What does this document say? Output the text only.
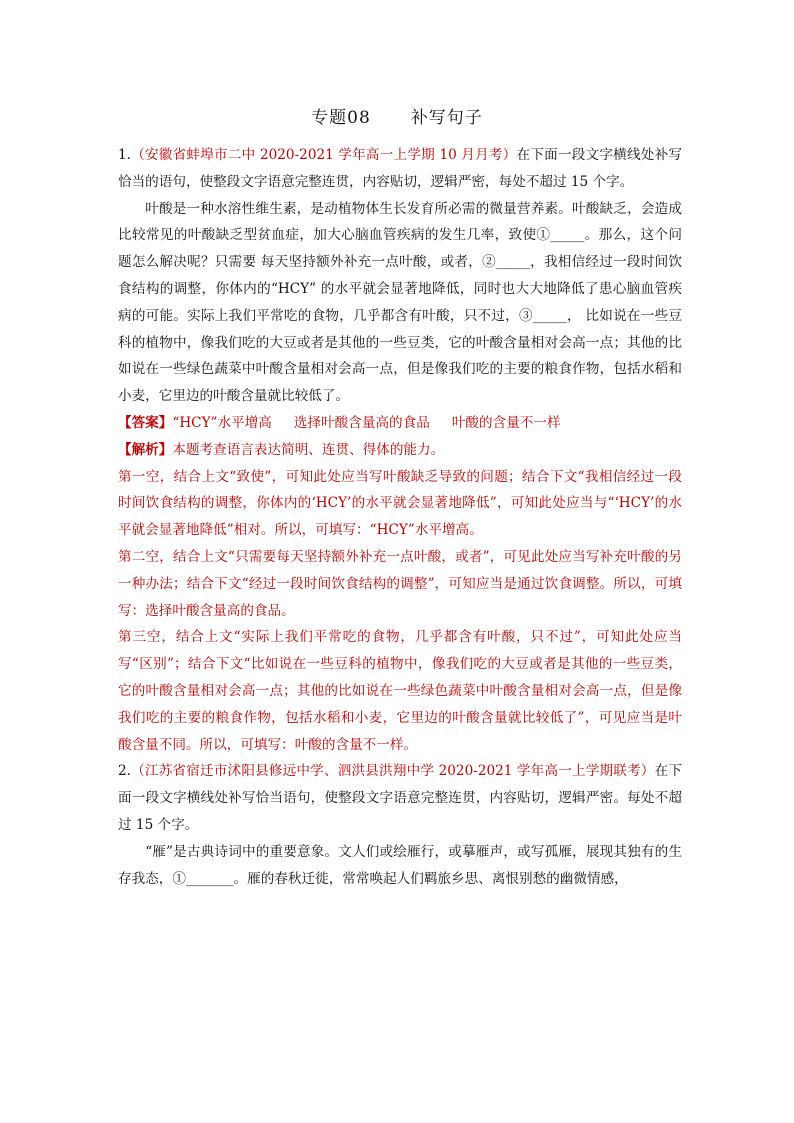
专题08 补写句子

1.（安徽省蚌埠市二中 2020-2021 学年高一上学期 10 月月考）在下面一段文字横线处补写恰当的语句，使整段文字语意完整连贯，内容贴切，逻辑严密，每处不超过 15 个字。

叶酸是一种水溶性维生素，是动植物体生长发育所必需的微量营养素。叶酸缺乏，会造成比较常见的叶酸缺乏型贫血症，加大心脑血管疾病的发生几率，致使①_____。那么，这个问题怎么解决呢？只需要 每天坚持额外补充一点叶酸，或者，②_____，我相信经过一段时间饮食结构的调整，你体内的“HCY” 的水平就会显著地降低，同时也大大地降低了患心脑血管疾病的可能。实际上我们平常吃的食物，几乎都含有叶酸，只不过，③_____， 比如说在一些豆科的植物中，像我们吃的大豆或者是其他的一些豆类，它的叶酸含量相对会高一点；其他的比如说在一些绿色蔬菜中叶酸含量相对会高一点，但是像我们吃的主要的粮食作物，包括水稻和小麦，它里边的叶酸含量就比较低了。

【答案】“HCY”水平增高 选择叶酸含量高的食品 叶酸的含量不一样

【解析】本题考查语言表达简明、连贯、得体的能力。

第一空，结合上文“致使”，可知此处应当写叶酸缺乏导致的问题；结合下文“我相信经过一段时间饮食结构的调整，你体内的‘HCY’的水平就会显著地降低”，可知此处应当与“‘HCY’的水平就会显著地降低”相对。所以，可填写：“HCY”水平增高。

第二空，结合上文“只需要每天坚持额外补充一点叶酸，或者”，可见此处应当写补充叶酸的另一种办法；结合下文“经过一段时间饮食结构的调整”，可知应当是通过饮食调整。所以，可填写：选择叶酸含量高的食品。

第三空，结合上文“实际上我们平常吃的食物，几乎都含有叶酸，只不过”，可知此处应当写“区别”；结合下文“比如说在一些豆科的植物中，像我们吃的大豆或者是其他的一些豆类，它的叶酸含量相对会高一点；其他的比如说在一些绿色蔬菜中叶酸含量相对会高一点，但是像我们吃的主要的粮食作物，包括水稻和小麦，它里边的叶酸含量就比较低了”，可见应当是叶酸含量不同。所以，可填写：叶酸的含量不一样。

2.（江苏省宿迁市沭阳县修远中学、泗洪县洪翔中学 2020-2021 学年高一上学期联考）在下面一段文字横线处补写恰当语句，使整段文字语意完整连贯，内容贴切，逻辑严密。每处不超过 15 个字。

“雁”是古典诗词中的重要意象。文人们或绘雁行，或摹雁声，或写孤雁，展现其独有的生存我态，①_______。雁的春秋迁徙，常常唤起人们羁旅乡思、离恨别愁的幽微情感，
